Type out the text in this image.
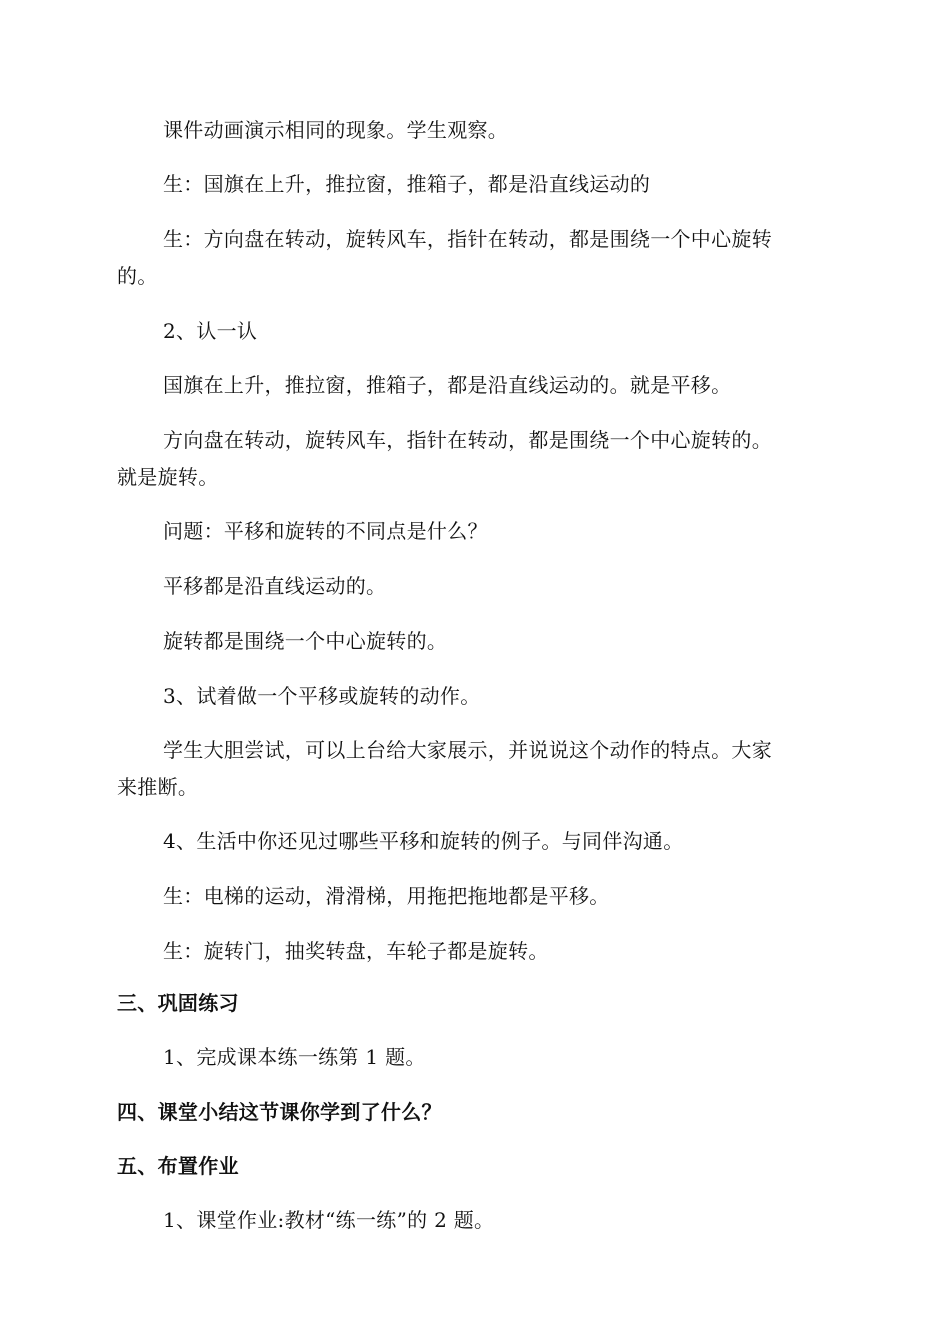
课件动画演示相同的现象。学生观察。
生：国旗在上升，推拉窗，推箱子，都是沿直线运动的
生：方向盘在转动，旋转风车，指针在转动，都是围绕一个中心旋转
的。
2、认一认
国旗在上升，推拉窗，推箱子，都是沿直线运动的。就是平移。
方向盘在转动，旋转风车，指针在转动，都是围绕一个中心旋转的。
就是旋转。
问题：平移和旋转的不同点是什么？
平移都是沿直线运动的。
旋转都是围绕一个中心旋转的。
3、试着做一个平移或旋转的动作。
学生大胆尝试，可以上台给大家展示，并说说这个动作的特点。大家
来推断。
4、生活中你还见过哪些平移和旋转的例子。与同伴沟通。
生：电梯的运动，滑滑梯，用拖把拖地都是平移。
生：旋转门，抽奖转盘，车轮子都是旋转。
三、巩固练习
1、完成课本练一练第 1 题。
四、课堂小结这节课你学到了什么？
五、布置作业
1、课堂作业:教材“练一练”的 2 题。
